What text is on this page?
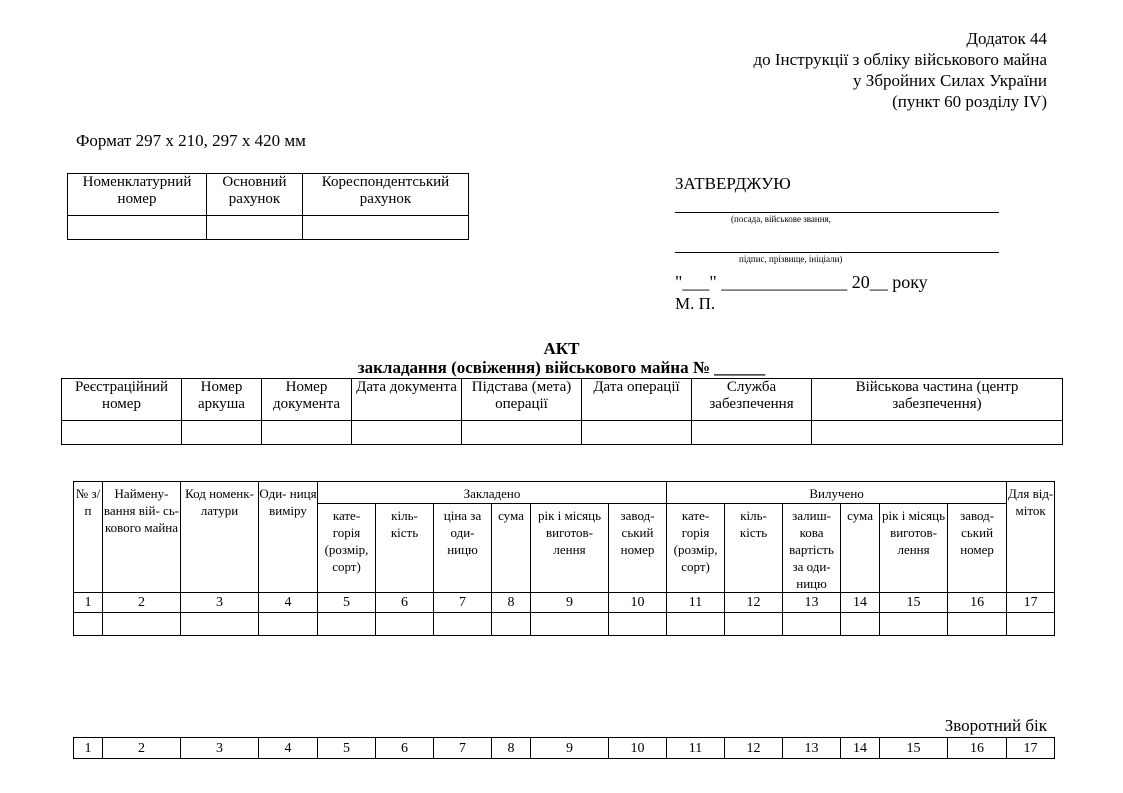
Додаток 44
до Інструкції з обліку військового майна
у Збройних Силах України
(пункт 60 розділу IV)
Формат 297 х 210, 297 х 420 мм
Номенклатурний номер	Основний рахунок	Кореспондентський рахунок

ЗАТВЕРДЖУЮ
(посада, військове звання,
підпис, прізвище, ініціали)
"___" ______________ 20__ року
М. П.
АКТ
закладання (освіження) військового майна № ______
Реєстраційний номер	Номер аркуша	Номер документа	Дата документа	Підстава (мета) операції	Дата операції	Служба забезпечення	Військова частина (центр забезпечення)

№ з/п	Наймену- вання вій- сь- кового майна	Код номенк- латури	Оди- ниця виміру	Закладено						Вилучено						Для від- міток
				кате- горія (розмір, сорт)	кіль- кість	ціна за оди- ницю	сума	рік і місяць виготов- лення	завод- ський номер	кате- горія (розмір, сорт)	кіль- кість	залиш- кова вартість за оди- ницю	сума	рік і місяць виготов- лення	завод- ський номер	
1	2	3	4	5	6	7	8	9	10	11	12	13	14	15	16	17

Зворотний бік
1	2	3	4	5	6	7	8	9	10	11	12	13	14	15	16	17
